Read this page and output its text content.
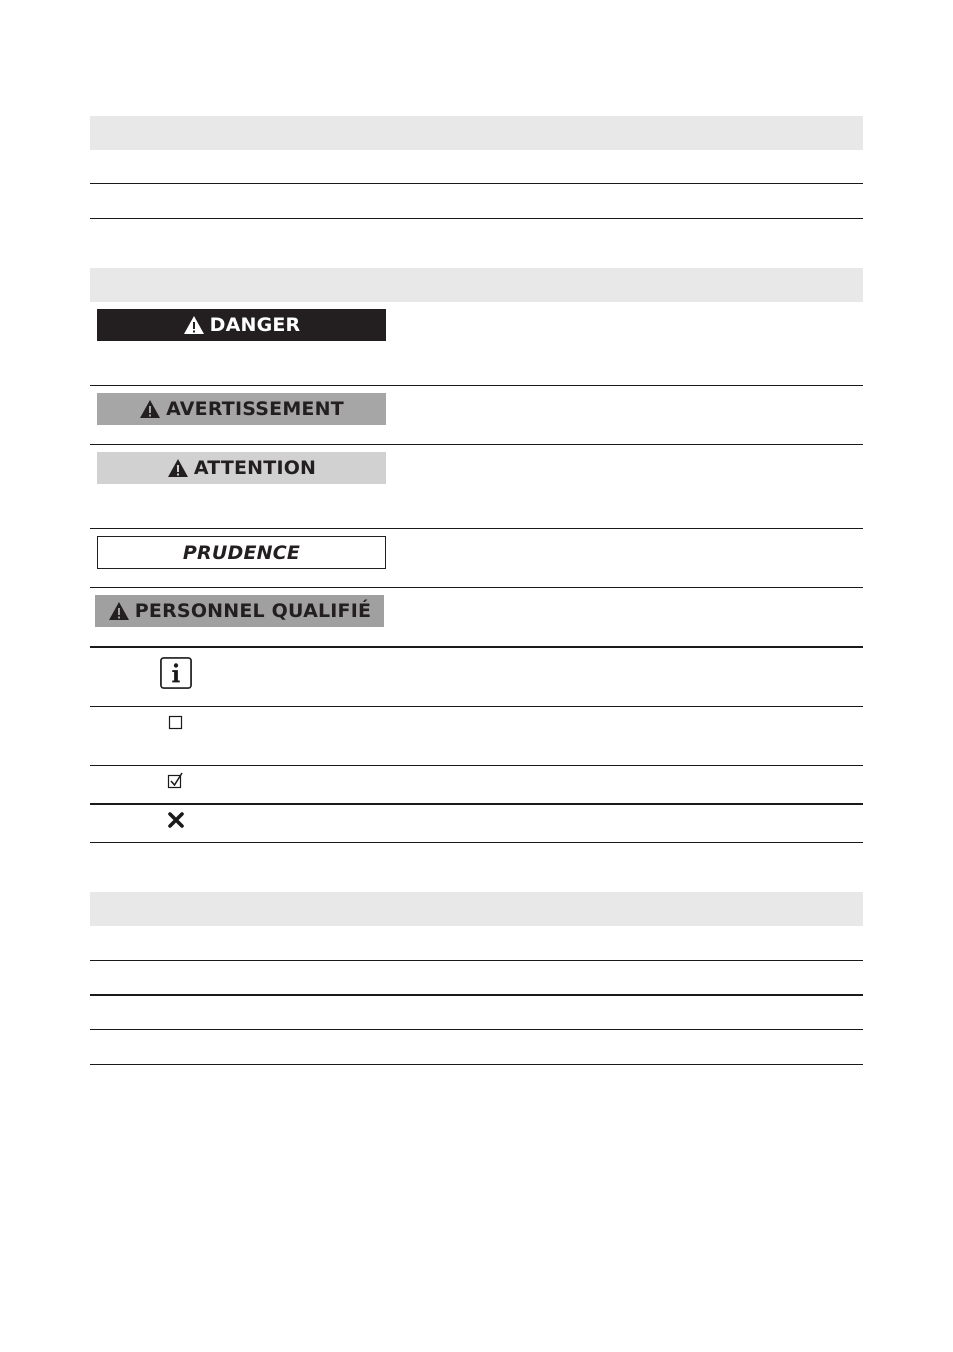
DANGER
AVERTISSEMENT
ATTENTION
PRUDENCE
PERSONNEL QUALIFIÉ
